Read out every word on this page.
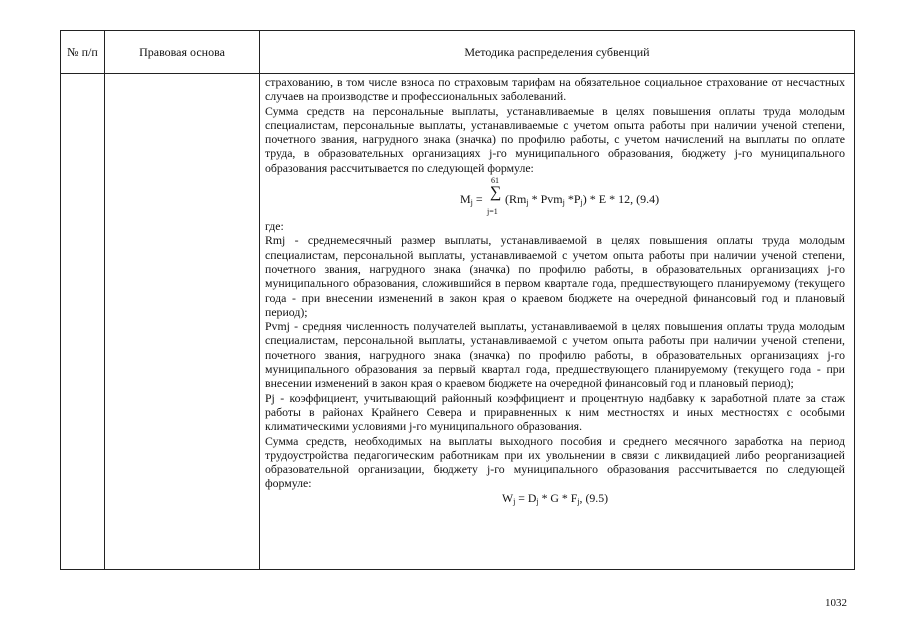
№ п/п	Правовая основа	Методика распределения субвенций

страхованию, в том числе взноса по страховым тарифам на обязательное социальное страхование от несчастных случаев на производстве и профессиональных заболеваний.

Сумма средств на персональные выплаты, устанавливаемые в целях повышения оплаты труда молодым специалистам, персональные выплаты, устанавливаемые с учетом опыта работы при наличии ученой степени, почетного звания, нагрудного знака (значка) по профилю работы, с учетом начислений на выплаты по оплате труда, в образовательных организациях j-го муниципального образования, бюджету j-го муниципального образования рассчитывается по следующей формуле:

$M_j$ =
61
∑
j=1
($Rm_j * Pvm_j$ $*P_j$) * E * 12, (9.4)

где:

Rmj - среднемесячный размер выплаты, устанавливаемой в целях повышения оплаты труда молодым специалистам, персональной выплаты, устанавливаемой с учетом опыта работы при наличии ученой степени, почетного звания, нагрудного знака (значка) по профилю работы, в образовательных организациях j-го муниципального образования, сложившийся в первом квартале года, предшествующего планируемому (текущего года - при внесении изменений в закон края о краевом бюджете на очередной финансовый год и плановый период);

Pvmj - средняя численность получателей выплаты, устанавливаемой в целях повышения оплаты труда молодым специалистам, персональной выплаты, устанавливаемой с учетом опыта работы при наличии ученой степени, почетного звания, нагрудного знака (значка) по профилю работы, в образовательных организациях j-го муниципального образования за первый квартал года, предшествующего планируемому (текущего года - при внесении изменений в закон края о краевом бюджете на очередной финансовый год и плановый период);

Pj - коэффициент, учитывающий районный коэффициент и процентную надбавку к заработной плате за стаж работы в районах Крайнего Севера и приравненных к ним местностях и иных местностях с особыми климатическими условиями j-го муниципального образования.

Сумма средств, необходимых на выплаты выходного пособия и среднего месячного заработка на период трудоустройства педагогическим работникам при их увольнении в связи с ликвидацией либо реорганизацией образовательной организации, бюджету j-го муниципального образования рассчитывается по следующей формуле:

$W_j = D_j * G * F_j$, (9.5)

1032
